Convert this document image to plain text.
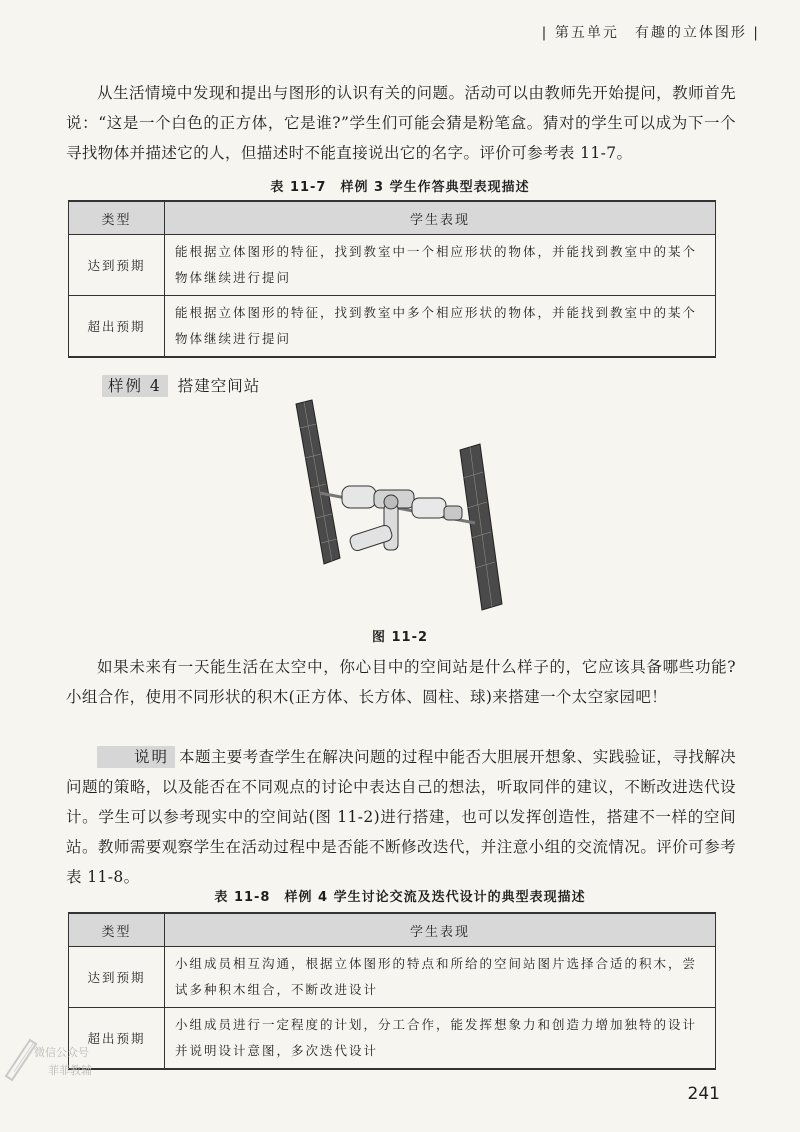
| 第五单元　有趣的立体图形 |
从生活情境中发现和提出与图形的认识有关的问题。活动可以由教师先开始提问，教师首先说：“这是一个白色的正方体，它是谁?”学生们可能会猜是粉笔盒。猜对的学生可以成为下一个寻找物体并描述它的人，但描述时不能直接说出它的名字。评价可参考表 11-7。
表 11-7　样例 3 学生作答典型表现描述
类型	学生表现
达到预期	能根据立体图形的特征，找到教室中一个相应形状的物体，并能找到教室中的某个物体继续进行提问
超出预期	能根据立体图形的特征，找到教室中多个相应形状的物体，并能找到教室中的某个物体继续进行提问
样例 4 搭建空间站
图 11-2
如果未来有一天能生活在太空中，你心目中的空间站是什么样子的，它应该具备哪些功能? 小组合作，使用不同形状的积木(正方体、长方体、圆柱、球)来搭建一个太空家园吧！
说明 本题主要考查学生在解决问题的过程中能否大胆展开想象、实践验证，寻找解决问题的策略，以及能否在不同观点的讨论中表达自己的想法，听取同伴的建议，不断改进迭代设计。学生可以参考现实中的空间站(图 11-2)进行搭建，也可以发挥创造性，搭建不一样的空间站。教师需要观察学生在活动过程中是否能不断修改迭代，并注意小组的交流情况。评价可参考表 11-8。
表 11-8　样例 4 学生讨论交流及迭代设计的典型表现描述
类型	学生表现
达到预期	小组成员相互沟通，根据立体图形的特点和所给的空间站图片选择合适的积木，尝试多种积木组合，不断改进设计
超出预期	小组成员进行一定程度的计划，分工合作，能发挥想象力和创造力增加独特的设计并说明设计意图，多次迭代设计
微信公众号
菲菲教辅
241
